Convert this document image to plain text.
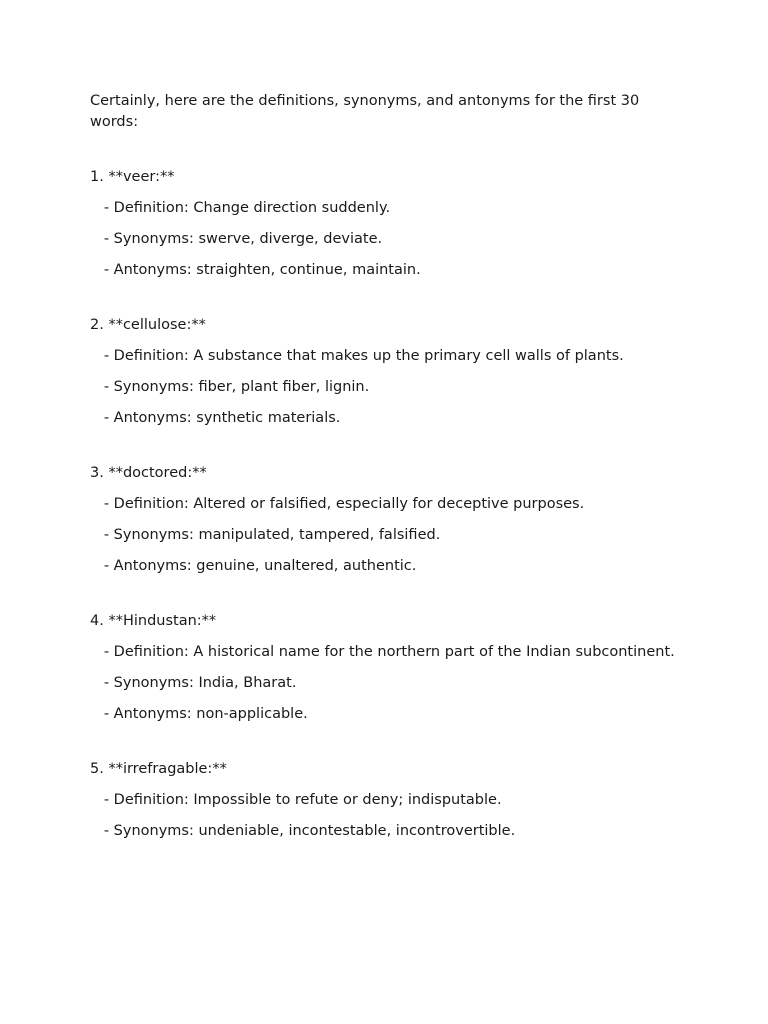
Certainly, here are the definitions, synonyms, and antonyms for the first 30 words:

1. **veer:**

- Definition: Change direction suddenly.

- Synonyms: swerve, diverge, deviate.

- Antonyms: straighten, continue, maintain.

2. **cellulose:**

- Definition: A substance that makes up the primary cell walls of plants.

- Synonyms: fiber, plant fiber, lignin.

- Antonyms: synthetic materials.

3. **doctored:**

- Definition: Altered or falsified, especially for deceptive purposes.

- Synonyms: manipulated, tampered, falsified.

- Antonyms: genuine, unaltered, authentic.

4. **Hindustan:**

- Definition: A historical name for the northern part of the Indian subcontinent.

- Synonyms: India, Bharat.

- Antonyms: non-applicable.

5. **irrefragable:**

- Definition: Impossible to refute or deny; indisputable.

- Synonyms: undeniable, incontestable, incontrovertible.
